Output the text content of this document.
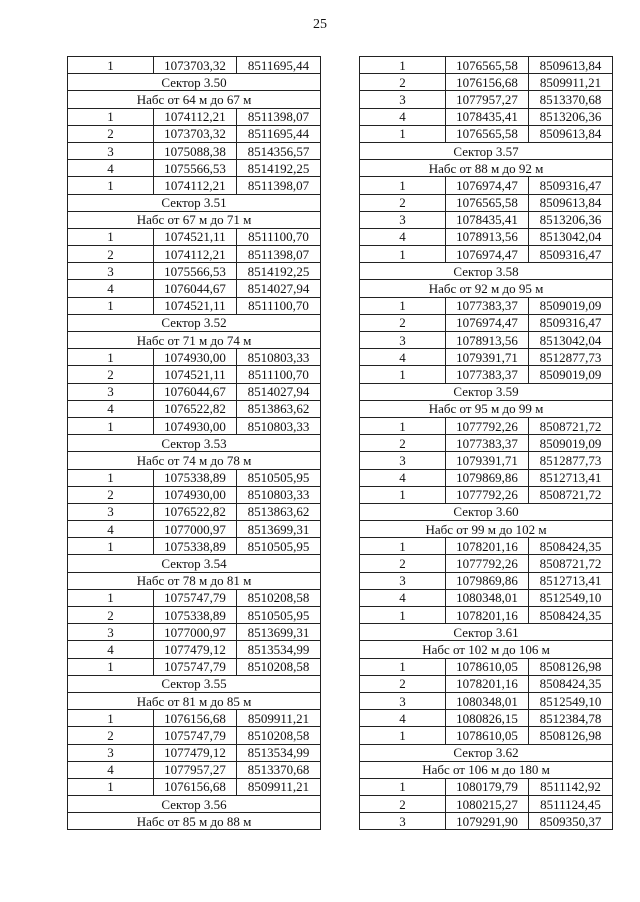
25
1	1073703,32	8511695,44
Сектор 3.50		
Набс от 64 м до 67 м		
1	1074112,21	8511398,07
2	1073703,32	8511695,44
3	1075088,38	8514356,57
4	1075566,53	8514192,25
1	1074112,21	8511398,07
Сектор 3.51		
Набс от 67 м до 71 м		
1	1074521,11	8511100,70
2	1074112,21	8511398,07
3	1075566,53	8514192,25
4	1076044,67	8514027,94
1	1074521,11	8511100,70
Сектор 3.52		
Набс от 71 м до 74 м		
1	1074930,00	8510803,33
2	1074521,11	8511100,70
3	1076044,67	8514027,94
4	1076522,82	8513863,62
1	1074930,00	8510803,33
Сектор 3.53		
Набс от 74 м до 78 м		
1	1075338,89	8510505,95
2	1074930,00	8510803,33
3	1076522,82	8513863,62
4	1077000,97	8513699,31
1	1075338,89	8510505,95
Сектор 3.54		
Набс от 78 м до 81 м		
1	1075747,79	8510208,58
2	1075338,89	8510505,95
3	1077000,97	8513699,31
4	1077479,12	8513534,99
1	1075747,79	8510208,58
Сектор 3.55		
Набс от 81 м до 85 м		
1	1076156,68	8509911,21
2	1075747,79	8510208,58
3	1077479,12	8513534,99
4	1077957,27	8513370,68
1	1076156,68	8509911,21
Сектор 3.56		
Набс от 85 м до 88 м		
1	1076565,58	8509613,84
2	1076156,68	8509911,21
3	1077957,27	8513370,68
4	1078435,41	8513206,36
1	1076565,58	8509613,84
Сектор 3.57		
Набс от 88 м до 92 м		
1	1076974,47	8509316,47
2	1076565,58	8509613,84
3	1078435,41	8513206,36
4	1078913,56	8513042,04
1	1076974,47	8509316,47
Сектор 3.58		
Набс от 92 м до 95 м		
1	1077383,37	8509019,09
2	1076974,47	8509316,47
3	1078913,56	8513042,04
4	1079391,71	8512877,73
1	1077383,37	8509019,09
Сектор 3.59		
Набс от 95 м до 99 м		
1	1077792,26	8508721,72
2	1077383,37	8509019,09
3	1079391,71	8512877,73
4	1079869,86	8512713,41
1	1077792,26	8508721,72
Сектор 3.60		
Набс от 99 м до 102 м		
1	1078201,16	8508424,35
2	1077792,26	8508721,72
3	1079869,86	8512713,41
4	1080348,01	8512549,10
1	1078201,16	8508424,35
Сектор 3.61		
Набс от 102 м до 106 м		
1	1078610,05	8508126,98
2	1078201,16	8508424,35
3	1080348,01	8512549,10
4	1080826,15	8512384,78
1	1078610,05	8508126,98
Сектор 3.62		
Набс от 106 м до 180 м		
1	1080179,79	8511142,92
2	1080215,27	8511124,45
3	1079291,90	8509350,37
